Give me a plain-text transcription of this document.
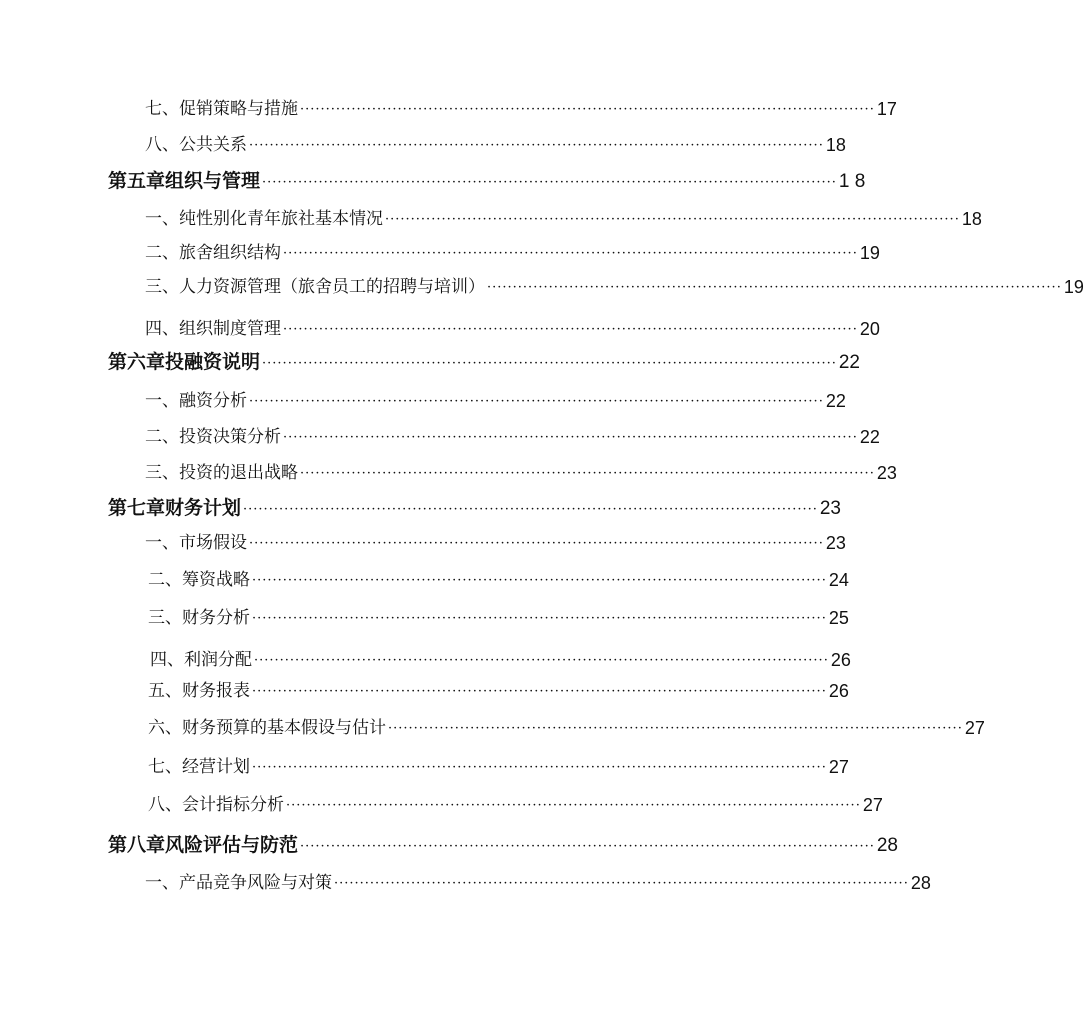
七、促销策略与措施 ················································································································ 17
八、公共关系 ················································································································ 18
第五章 组织与管理 ················································································································ 1 8
一、纯性别化青年旅社基本情况 ················································································································ 18
二、旅舍组织结构 ················································································································ 19
三、人力资源管理（旅舍员工的招聘与培训） ················································································································ 19
四、组织制度管理 ················································································································ 20
第六章 投融资说明 ················································································································ 22
一、融资分析 ················································································································ 22
二、投资决策分析 ················································································································ 22
三、投资的退出战略 ················································································································ 23
第七章 财务计划 ················································································································ 23
一、市场假设 ················································································································ 23
二、筹资战略 ················································································································ 24
三、财务分析 ················································································································ 25
四、利润分配 ················································································································ 26
五、财务报表 ················································································································ 26
六、财务预算的基本假设与估计 ················································································································ 27
七、经营计划 ················································································································ 27
八、会计指标分析 ················································································································ 27
第八章 风险评估与防范 ················································································································ 28
一、产品竞争风险与对策 ················································································································ 28
